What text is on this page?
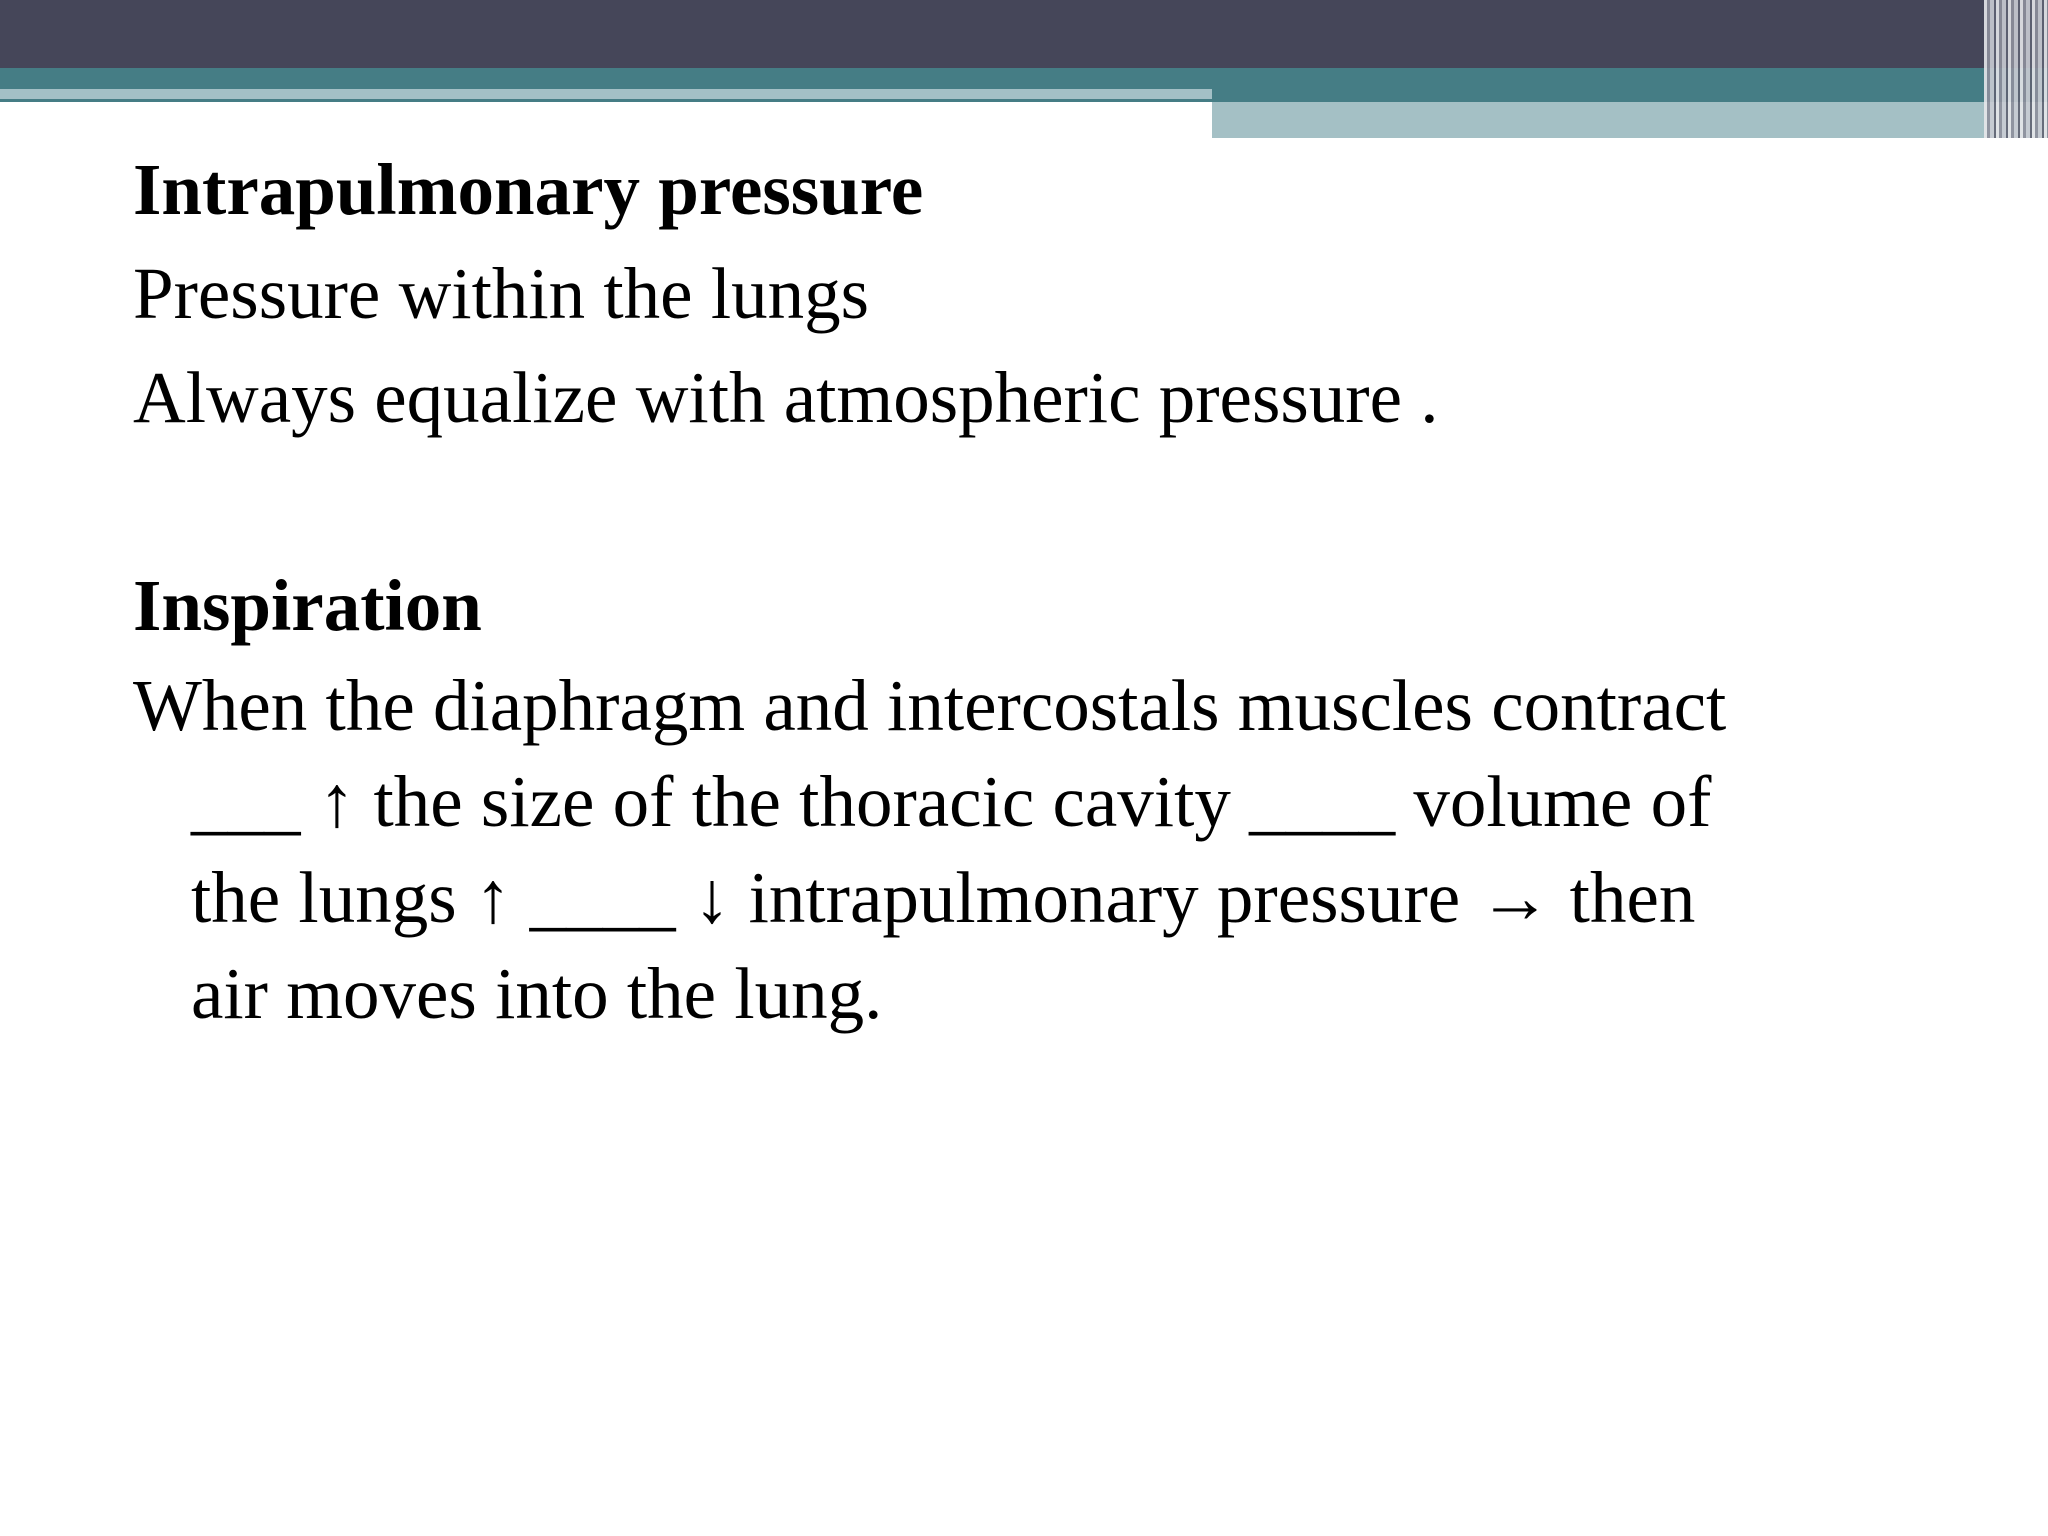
Intrapulmonary pressure

Pressure within the lungs

Always equalize with atmospheric pressure .

Inspiration

When the diaphragm and intercostals muscles contract

___ ↑ the size of the thoracic cavity ____ volume of

the lungs ↑ ____ ↓ intrapulmonary pressure → then

air moves into the lung.
